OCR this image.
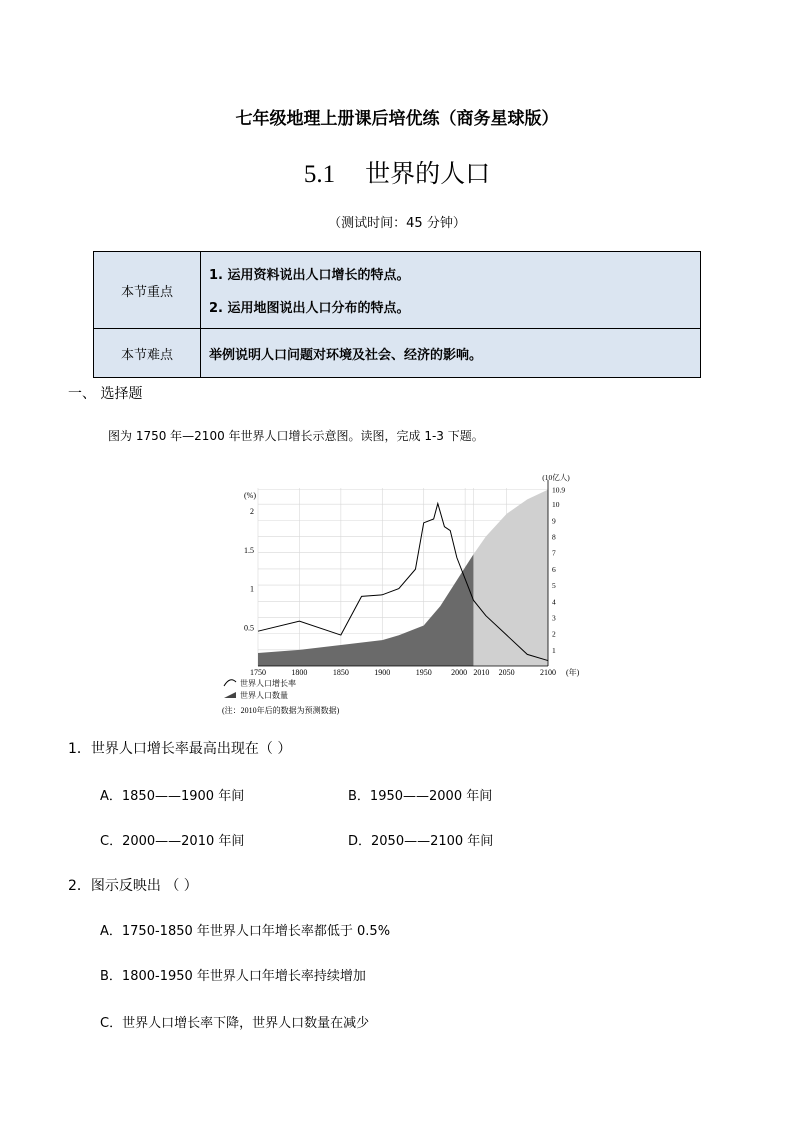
七年级地理上册课后培优练（商务星球版）
5.1 世界的人口
（测试时间：45 分钟）
本节重点	1. 运用资料说出人口增长的特点。
2. 运用地图说出人口分布的特点。

本节难点	举例说明人口问题对环境及社会、经济的影响。
一、 选择题
图为 1750 年—2100 年世界人口增长示意图。读图，完成 1-3 下题。
1750	1800	1850	1900	1950 2000 2010 2050	2100
0.5
1
1.5
2
1
2
3
4
5
6
7
8
9
10
10.9
(%)
(10亿人)
(年)
世界人口增长率
世界人口数量
(注：2010年后的数据为预测数据)
1．世界人口增长率最高出现在（ ）
A．1850——1900 年间	B．1950——2000 年间
C．2000——2010 年间	D．2050——2100 年间
2．图示反映出 （ ）
A．1750-1850 年世界人口年增长率都低于 0.5%
B．1800-1950 年世界人口年增长率持续增加
C．世界人口增长率下降，世界人口数量在减少
